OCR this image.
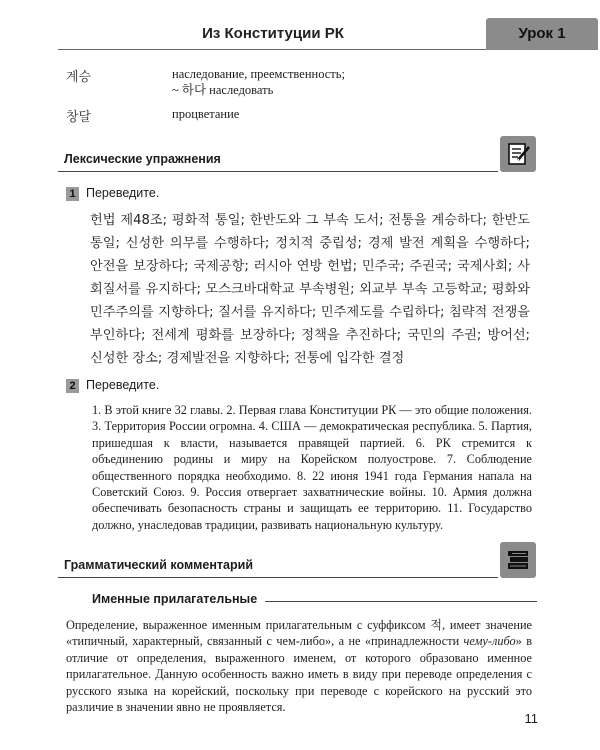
Из Конституции РК	Урок 1
계승	наследование, преемственность;
~ 하다 наследовать
창달	процветание
Лексические упражнения
1 Переведите.
헌법 제48조; 평화적 통일; 한반도와 그 부속 도서; 전통을 계승하다; 한반도 통일; 신성한 의무를 수행하다; 정치적 중립성; 경제 발전 계획을 수행하다; 안전을 보장하다; 국제공항; 러시아 연방 헌법; 민주국; 주권국; 국제사회; 사회질서를 유지하다; 모스크바대학교 부속병원; 외교부 부속 고등학교; 평화와 민주주의를 지향하다; 질서를 유지하다; 민주제도를 수립하다; 침략적 전쟁을 부인하다; 전세계 평화를 보장하다; 정책을 추진하다; 국민의 주권; 방어선; 신성한 장소; 경제발전을 지향하다; 전통에 입각한 결정
2 Переведите.
1. В этой книге 32 главы. 2. Первая глава Конституции РК — это общие положения. 3. Территория России огромна. 4. США — демократическая республика. 5. Партия, пришедшая к власти, называется правящей партией. 6. РК стремится к объединению родины и миру на Корейском полуострове. 7. Соблюдение общественного порядка необходимо. 8. 22 июня 1941 года Германия напала на Советский Союз. 9. Россия отвергает захватнические войны. 10. Армия должна обеспечивать безопасность страны и защищать ее территорию. 11. Государство должно, унаследовав традиции, развивать национальную культуру.
Грамматический комментарий
Именные прилагательные
Определение, выраженное именным прилагательным с суффиксом 적, имеет значение «типичный, характерный, связанный с чем-либо», а не «принадлежности чему-либо» в отличие от определения, выраженного именем, от которого образовано именное прилагательное. Данную особенность важно иметь в виду при переводе определения с русского языка на корейский, поскольку при переводе с корейского на русский это различие в значении явно не проявляется.
11
